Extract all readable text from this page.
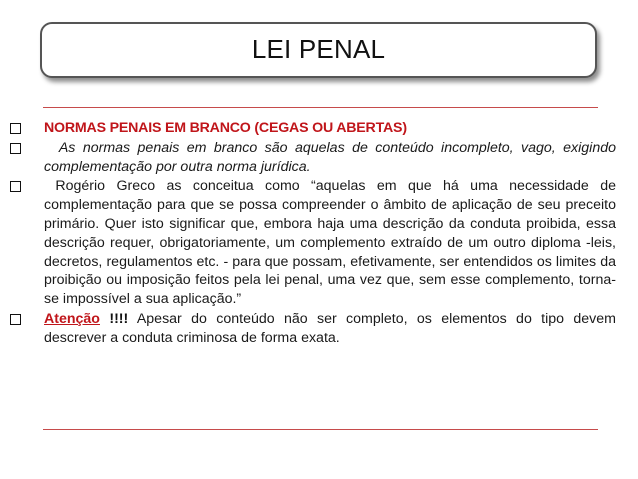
LEI PENAL
NORMAS PENAIS EM BRANCO (CEGAS OU ABERTAS)
As normas penais em branco são aquelas de conteúdo incompleto, vago, exigindo complementação por outra norma jurídica.
Rogério Greco as conceitua como “aquelas em que há uma necessidade de complementação para que se possa compreender o âmbito de aplicação de seu preceito primário. Quer isto significar que, embora haja uma descrição da conduta proibida, essa descrição requer, obrigatoriamente, um complemento extraído de um outro diploma -leis, decretos, regulamentos etc. - para que possam, efetivamente, ser entendidos os limites da proibição ou imposição feitos pela lei penal, uma vez que, sem esse complemento, torna-se impossível a sua aplicação.”
Atenção !!!! Apesar do conteúdo não ser completo, os elementos do tipo devem descrever a conduta criminosa de forma exata.
